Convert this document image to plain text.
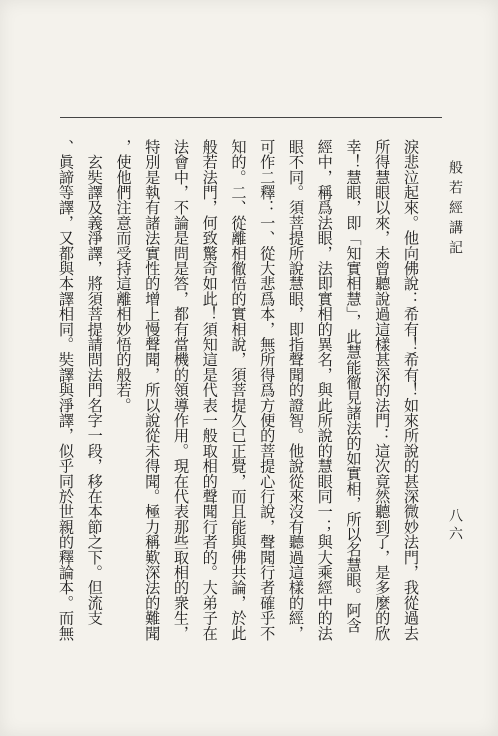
般若經講記
八六
淚悲泣起來。他向佛說：希有！希有！如來所說的甚深微妙法門，我從過去
所得慧眼以來，未曾聽說過這樣甚深的法門：這次竟然聽到了，是多麼的欣
幸！慧眼，即「知實相慧」，此慧能徹見諸法的如實相，所以名慧眼。阿含
經中，稱爲法眼，法即實相的異名，與此所說的慧眼同一；與大乘經中的法
眼不同。須菩提所說慧眼，即指聲聞的證智。他說從來沒有聽過這樣的經，
可作二釋：一、從大悲爲本，無所得爲方便的菩提心行說，聲聞行者確乎不
知的。二、從離相徹悟的實相說，須菩提久已正覺，而且能與佛共論，於此
般若法門，何致驚奇如此！須知這是代表一般取相的聲聞行者的。大弟子在
法會中，不論是問是答，都有當機的領導作用。現在代表那些取相的衆生，
特別是執有諸法實性的增上慢聲聞，所以說從未得聞。極力稱歎深法的難聞
，使他們注意而受持這離相妙悟的般若。
　玄奘譯及義淨譯，將須菩提請問法門名字一段，移在本節之下。但流支
、眞諦等譯，又都與本譯相同。奘譯與淨譯，似乎同於世親的釋論本。而無
